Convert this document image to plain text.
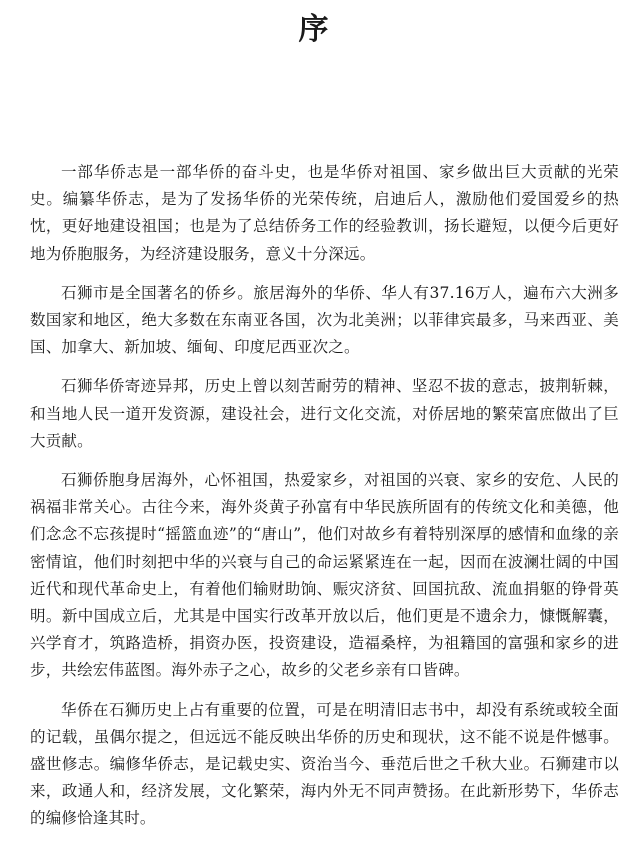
序

一部华侨志是一部华侨的奋斗史，也是华侨对祖国、家乡做出巨大贡献的光荣史。编纂华侨志，是为了发扬华侨的光荣传统，启迪后人，激励他们爱国爱乡的热忱，更好地建设祖国；也是为了总结侨务工作的经验教训，扬长避短，以便今后更好地为侨胞服务，为经济建设服务，意义十分深远。

石狮市是全国著名的侨乡。旅居海外的华侨、华人有37.16万人，遍布六大洲多数国家和地区，绝大多数在东南亚各国，次为北美洲；以菲律宾最多，马来西亚、美国、加拿大、新加坡、缅甸、印度尼西亚次之。

石狮华侨寄迹异邦，历史上曾以刻苦耐劳的精神、坚忍不拔的意志，披荆斩棘，和当地人民一道开发资源，建设社会，进行文化交流，对侨居地的繁荣富庶做出了巨大贡献。

石狮侨胞身居海外，心怀祖国，热爱家乡，对祖国的兴衰、家乡的安危、人民的祸福非常关心。古往今来，海外炎黄子孙富有中华民族所固有的传统文化和美德，他们念念不忘孩提时“摇篮血迹”的“唐山”，他们对故乡有着特别深厚的感情和血缘的亲密情谊，他们时刻把中华的兴衰与自己的命运紧紧连在一起，因而在波澜壮阔的中国近代和现代革命史上，有着他们输财助饷、赈灾济贫、回国抗敌、流血捐躯的铮骨英明。新中国成立后，尤其是中国实行改革开放以后，他们更是不遗余力，慷慨解囊，兴学育才，筑路造桥，捐资办医，投资建设，造福桑梓，为祖籍国的富强和家乡的进步，共绘宏伟蓝图。海外赤子之心，故乡的父老乡亲有口皆碑。

华侨在石狮历史上占有重要的位置，可是在明清旧志书中，却没有系统或较全面的记载，虽偶尔提之，但远远不能反映出华侨的历史和现状，这不能不说是件憾事。盛世修志。编修华侨志，是记载史实、资治当今、垂范后世之千秋大业。石狮建市以来，政通人和，经济发展，文化繁荣，海内外无不同声赞扬。在此新形势下，华侨志的编修恰逢其时。
